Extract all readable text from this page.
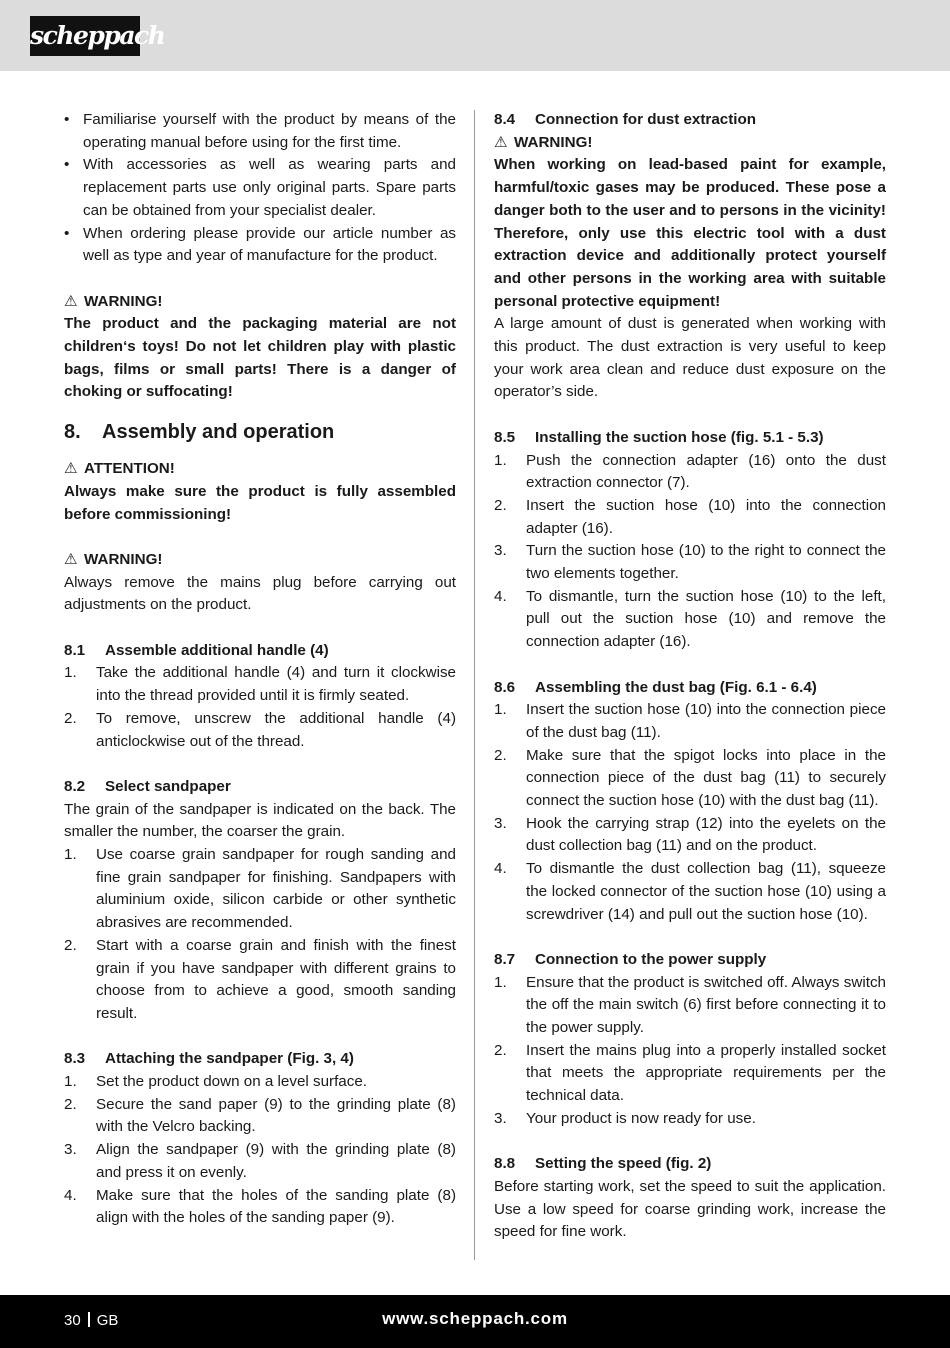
scheppach
• Familiarise yourself with the product by means of the operating manual before using for the first time.
• With accessories as well as wearing parts and replacement parts use only original parts. Spare parts can be obtained from your specialist dealer.
• When ordering please provide our article number as well as type and year of manufacture for the product.

⚠ WARNING!

The product and the packaging material are not children‘s toys! Do not let children play with plastic bags, films or small parts! There is a danger of choking or suffocating!

8. Assembly and operation

⚠ ATTENTION!

Always make sure the product is fully assembled before commissioning!

⚠ WARNING!

Always remove the mains plug before carrying out adjustments on the product.

8.1 Assemble additional handle (4)

1. Take the additional handle (4) and turn it clockwise into the thread provided until it is firmly seated.
2. To remove, unscrew the additional handle (4) anticlockwise out of the thread.

8.2 Select sandpaper

The grain of the sandpaper is indicated on the back. The smaller the number, the coarser the grain.

1. Use coarse grain sandpaper for rough sanding and fine grain sandpaper for finishing. Sandpapers with aluminium oxide, silicon carbide or other synthetic abrasives are recommended.
2. Start with a coarse grain and finish with the finest grain if you have sandpaper with different grains to choose from to achieve a good, smooth sanding result.

8.3 Attaching the sandpaper (Fig. 3, 4)

1. Set the product down on a level surface.
2. Secure the sand paper (9) to the grinding plate (8) with the Velcro backing.
3. Align the sandpaper (9) with the grinding plate (8) and press it on evenly.
4. Make sure that the holes of the sanding plate (8) align with the holes of the sanding paper (9).

8.4 Connection for dust extraction

⚠ WARNING!

When working on lead-based paint for example, harmful/toxic gases may be produced. These pose a danger both to the user and to persons in the vicinity! Therefore, only use this electric tool with a dust extraction device and additionally protect yourself and other persons in the working area with suitable personal protective equipment!

A large amount of dust is generated when working with this product. The dust extraction is very useful to keep your work area clean and reduce dust exposure on the operator’s side.

8.5 Installing the suction hose (fig. 5.1 - 5.3)

1. Push the connection adapter (16) onto the dust extraction connector (7).
2. Insert the suction hose (10) into the connection adapter (16).
3. Turn the suction hose (10) to the right to connect the two elements together.
4. To dismantle, turn the suction hose (10) to the left, pull out the suction hose (10) and remove the connection adapter (16).

8.6 Assembling the dust bag (Fig. 6.1 - 6.4)

1. Insert the suction hose (10) into the connection piece of the dust bag (11).
2. Make sure that the spigot locks into place in the connection piece of the dust bag (11) to securely connect the suction hose (10) with the dust bag (11).
3. Hook the carrying strap (12) into the eyelets on the dust collection bag (11) and on the product.
4. To dismantle the dust collection bag (11), squeeze the locked connector of the suction hose (10) using a screwdriver (14) and pull out the suction hose (10).

8.7 Connection to the power supply

1. Ensure that the product is switched off. Always switch the off the main switch (6) first before connecting it to the power supply.
2. Insert the mains plug into a properly installed socket that meets the appropriate requirements per the technical data.
3. Your product is now ready for use.

8.8 Setting the speed (fig. 2)

Before starting work, set the speed to suit the application. Use a low speed for coarse grinding work, increase the speed for fine work.

30 GB	www.scheppach.com
